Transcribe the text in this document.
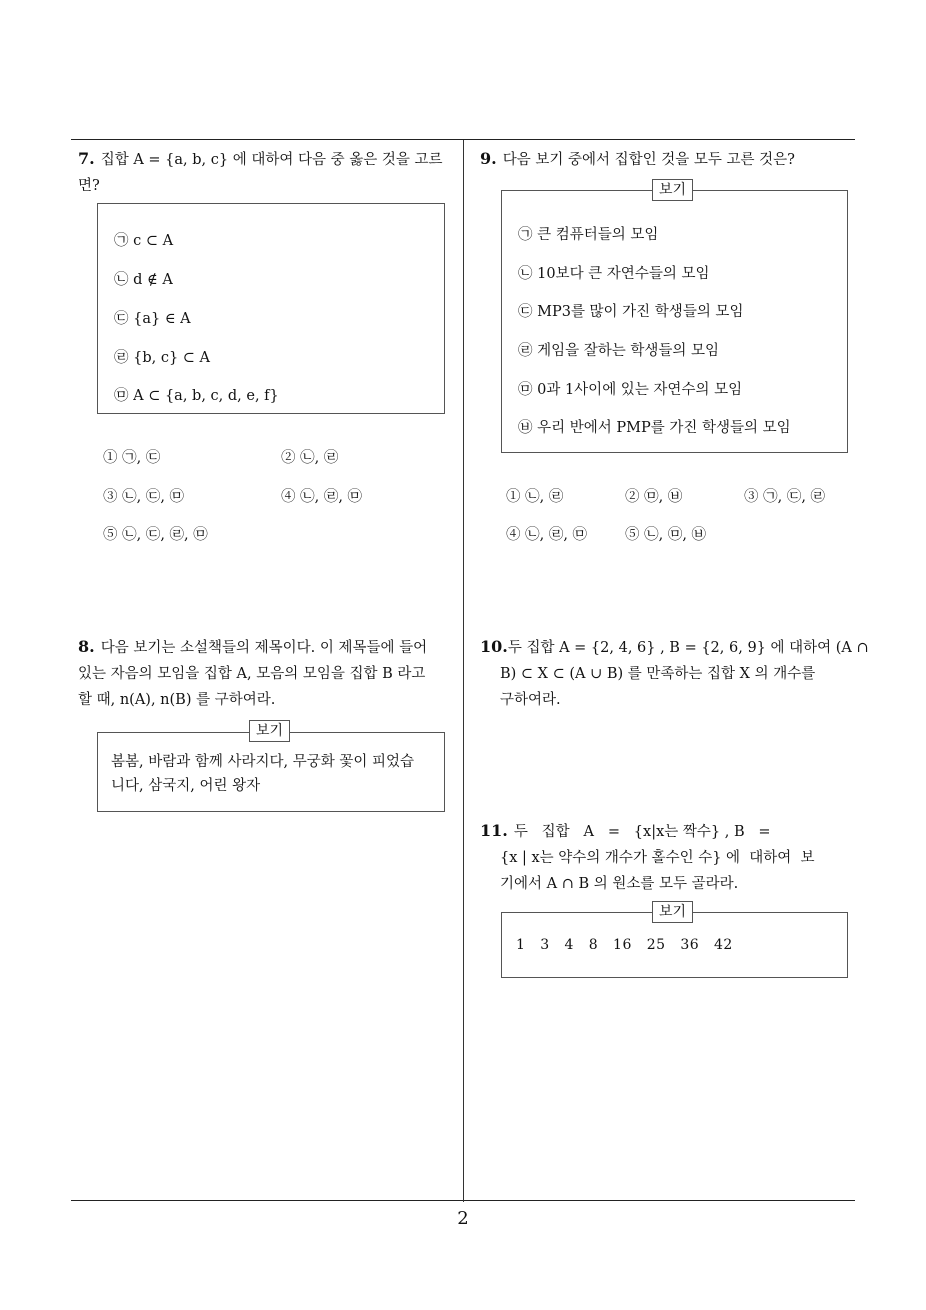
7. 집합 A = {a, b, c} 에 대하여 다음 중 옳은 것을 고르
면?
㉠ c ⊂ A
㉡ d ∉ A
㉢ {a} ∈ A
㉣ {b, c} ⊂ A
㉤ A ⊂ {a, b, c, d, e, f}
① ㉠, ㉢	② ㉡, ㉣
③ ㉡, ㉢, ㉤	④ ㉡, ㉣, ㉤
⑤ ㉡, ㉢, ㉣, ㉤
8. 다음 보기는 소설책들의 제목이다. 이 제목들에 들어
있는 자음의 모임을 집합 A, 모음의 모임을 집합 B 라고
할 때, n(A), n(B) 를 구하여라.
보기
봄봄, 바람과 함께 사라지다, 무궁화 꽃이 피었습
니다, 삼국지, 어린 왕자
9. 다음 보기 중에서 집합인 것을 모두 고른 것은?
보기
㉠ 큰 컴퓨터들의 모임
㉡ 10보다 큰 자연수들의 모임
㉢ MP3를 많이 가진 학생들의 모임
㉣ 게임을 잘하는 학생들의 모임
㉤ 0과 1사이에 있는 자연수의 모임
㉥ 우리 반에서 PMP를 가진 학생들의 모임
① ㉡, ㉣	② ㉤, ㉥	③ ㉠, ㉢, ㉣
④ ㉡, ㉣, ㉤	⑤ ㉡, ㉤, ㉥
10.두 집합 A = {2, 4, 6} , B = {2, 6, 9} 에 대하여 (A ∩
B) ⊂ X ⊂ (A ∪ B) 를 만족하는 집합 X 의 개수를
구하여라.
11. 두   집합   A   =   {x|x는 짝수} , B   =
{x | x는 약수의 개수가 홀수인 수} 에  대하여  보
기에서 A ∩ B 의 원소를 모두 골라라.
보기
1   3   4   8   16   25   36   42
2
